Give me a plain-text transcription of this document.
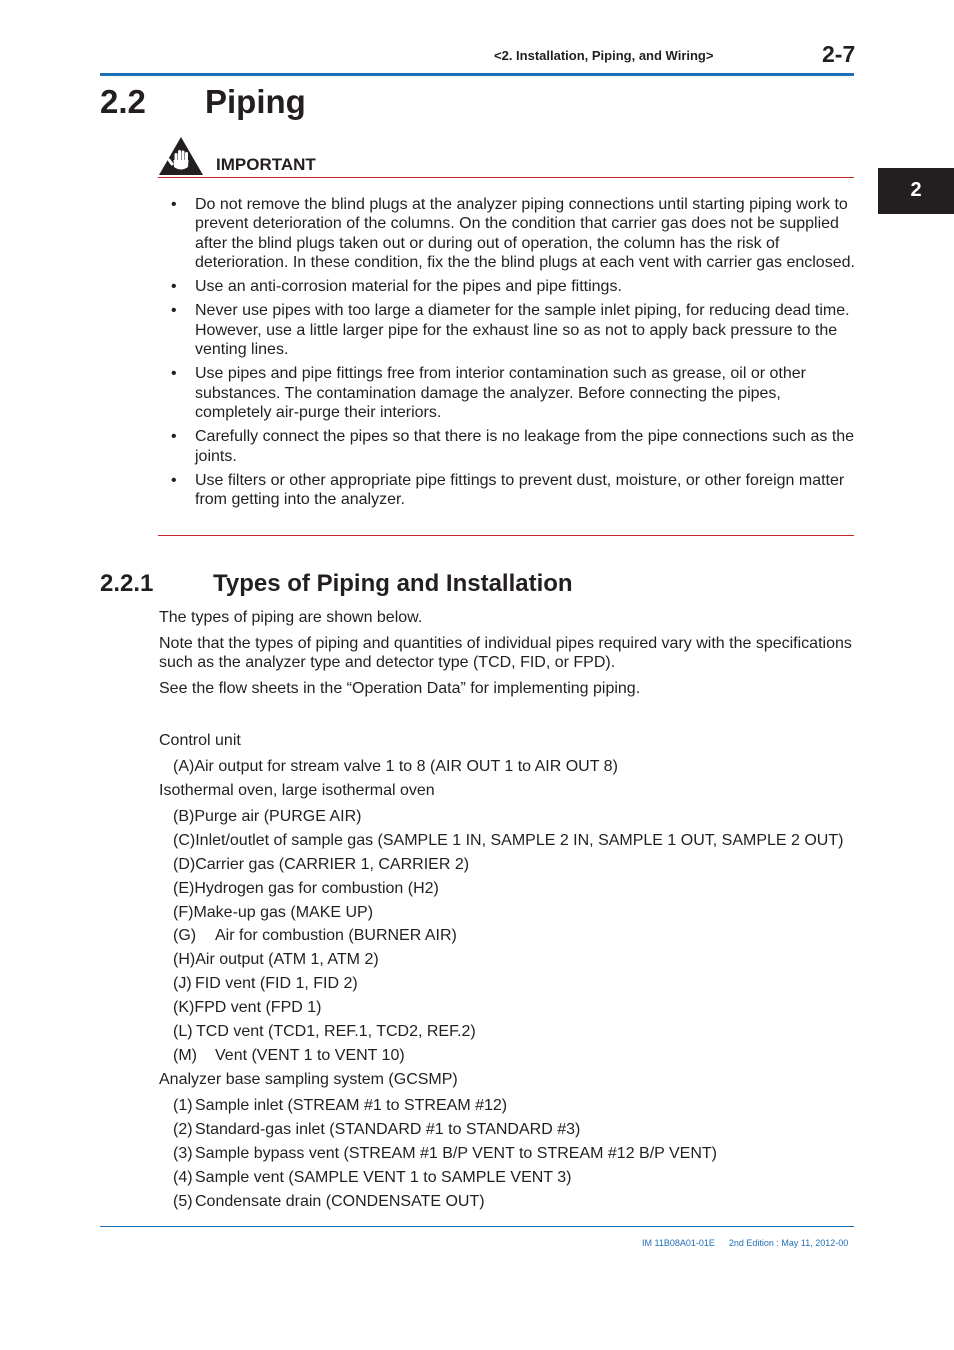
<2. Installation, Piping, and Wiring>	2-7
2
2.2 Piping
IMPORTANT
• Do not remove the blind plugs at the analyzer piping connections until starting piping work to prevent deterioration of the columns. On the condition that carrier gas does not be supplied after the blind plugs taken out or during out of operation, the column has the risk of deterioration. In these condition, fix the the blind plugs at each vent with carrier gas enclosed.
• Use an anti-corrosion material for the pipes and pipe fittings.
• Never use pipes with too large a diameter for the sample inlet piping, for reducing dead time. However, use a little larger pipe for the exhaust line so as not to apply back pressure to the venting lines.
• Use pipes and pipe fittings free from interior contamination such as grease, oil or other substances. The contamination damage the analyzer. Before connecting the pipes, completely air-purge their interiors.
• Carefully connect the pipes so that there is no leakage from the pipe connections such as the joints.
• Use filters or other appropriate pipe fittings to prevent dust, moisture, or other foreign matter from getting into the analyzer.
2.2.1 Types of Piping and Installation
The types of piping are shown below.
Note that the types of piping and quantities of individual pipes required vary with the specifications such as the analyzer type and detector type (TCD, FID, or FPD).
See the flow sheets in the “Operation Data” for implementing piping.
Control unit
(A)Air output for stream valve 1 to 8 (AIR OUT 1 to AIR OUT 8)
Isothermal oven, large isothermal oven
(B)Purge air (PURGE AIR)
(C)Inlet/outlet of sample gas (SAMPLE 1 IN, SAMPLE 2 IN, SAMPLE 1 OUT, SAMPLE 2 OUT)
(D)Carrier gas (CARRIER 1, CARRIER 2)
(E)Hydrogen gas for combustion (H2)
(F)Make-up gas (MAKE UP)
(G) Air for combustion (BURNER AIR)
(H)Air output (ATM 1, ATM 2)
(J) FID vent (FID 1, FID 2)
(K)FPD vent (FPD 1)
(L) TCD vent (TCD1, REF.1, TCD2, REF.2)
(M) Vent (VENT 1 to VENT 10)
Analyzer base sampling system (GCSMP)
(1) Sample inlet (STREAM #1 to STREAM #12)
(2) Standard-gas inlet (STANDARD #1 to STANDARD #3)
(3) Sample bypass vent (STREAM #1 B/P VENT to STREAM #12 B/P VENT)
(4) Sample vent (SAMPLE VENT 1 to SAMPLE VENT 3)
(5) Condensate drain (CONDENSATE OUT)
IM 11B08A01-01E 2nd Edition : May 11, 2012-00
